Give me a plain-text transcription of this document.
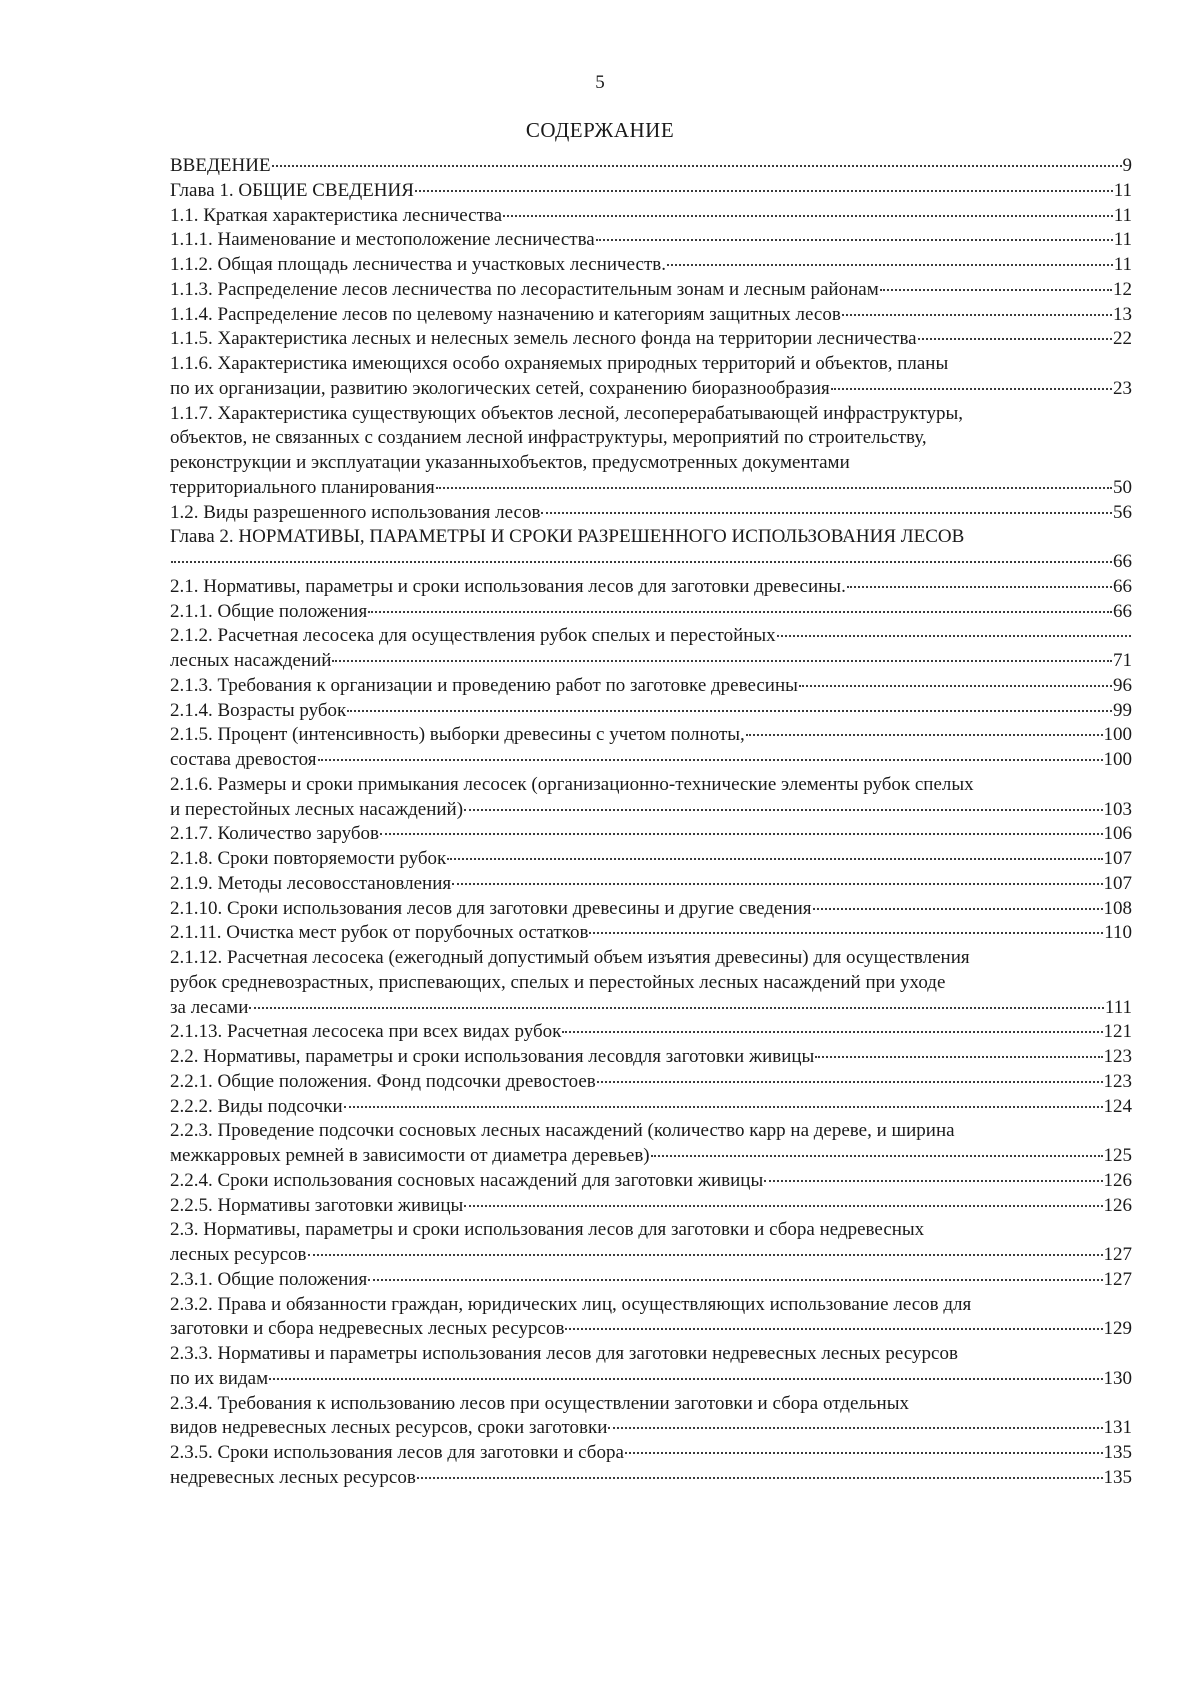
5
СОДЕРЖАНИЕ
ВВЕДЕНИЕ	9
Глава 1. ОБЩИЕ СВЕДЕНИЯ	11
1.1. Краткая характеристика лесничества	11
1.1.1. Наименование и местоположение лесничества	11
1.1.2. Общая площадь лесничества и участковых лесничеств.	11
1.1.3. Распределение лесов лесничества по лесорастительным зонам и лесным районам	12
1.1.4. Распределение лесов по целевому назначению и категориям защитных лесов	13
1.1.5. Характеристика лесных и нелесных земель лесного фонда на территории лесничества	22
1.1.6. Характеристика имеющихся особо охраняемых природных территорий и объектов, планы
по их организации, развитию экологических сетей, сохранению биоразнообразия	23
1.1.7. Характеристика существующих объектов лесной, лесоперерабатывающей инфраструктуры,
объектов, не связанных с созданием лесной инфраструктуры, мероприятий по строительству,
реконструкции и эксплуатации указанныхобъектов, предусмотренных документами
территориального планирования	50
1.2. Виды разрешенного использования лесов	56
Глава 2. НОРМАТИВЫ, ПАРАМЕТРЫ И СРОКИ РАЗРЕШЕННОГО ИСПОЛЬЗОВАНИЯ ЛЕСОВ
66
2.1. Нормативы, параметры и сроки использования лесов для заготовки древесины.	66
2.1.1. Общие положения	66
2.1.2. Расчетная лесосека для осуществления рубок спелых и перестойных
лесных насаждений	71
2.1.3. Требования к организации и проведению работ по заготовке древесины	96
2.1.4. Возрасты рубок	99
2.1.5. Процент (интенсивность) выборки древесины с учетом полноты,	100
состава древостоя	100
2.1.6. Размеры и сроки примыкания лесосек (организационно-технические элементы рубок спелых
и перестойных лесных насаждений)	103
2.1.7. Количество зарубов	106
2.1.8. Сроки повторяемости рубок	107
2.1.9. Методы лесовосстановления	107
2.1.10. Сроки использования лесов для заготовки древесины и другие сведения	108
2.1.11. Очистка мест рубок от порубочных остатков	110
2.1.12. Расчетная лесосека (ежегодный допустимый объем изъятия древесины) для осуществления
рубок средневозрастных, приспевающих, спелых и перестойных лесных насаждений при уходе
за лесами	111
2.1.13. Расчетная лесосека при всех видах рубок	121
2.2. Нормативы, параметры и сроки использования лесовдля заготовки живицы	123
2.2.1. Общие положения. Фонд подсочки древостоев	123
2.2.2. Виды подсочки	124
2.2.3. Проведение подсочки сосновых лесных насаждений (количество карр на дереве, и ширина
межкарровых ремней в зависимости от диаметра деревьев)	125
2.2.4. Сроки использования сосновых насаждений для заготовки живицы	126
2.2.5. Нормативы заготовки живицы	126
2.3. Нормативы, параметры и сроки использования лесов для заготовки и сбора недревесных
лесных ресурсов	127
2.3.1. Общие положения	127
2.3.2. Права и обязанности граждан, юридических лиц, осуществляющих использование лесов для
заготовки и сбора недревесных лесных ресурсов	129
2.3.3. Нормативы и параметры использования лесов для заготовки недревесных лесных ресурсов
по их видам	130
2.3.4. Требования к использованию лесов при осуществлении заготовки и сбора отдельных
видов недревесных лесных ресурсов, сроки заготовки	131
2.3.5. Сроки использования лесов для заготовки и сбора	135
недревесных лесных ресурсов	135
